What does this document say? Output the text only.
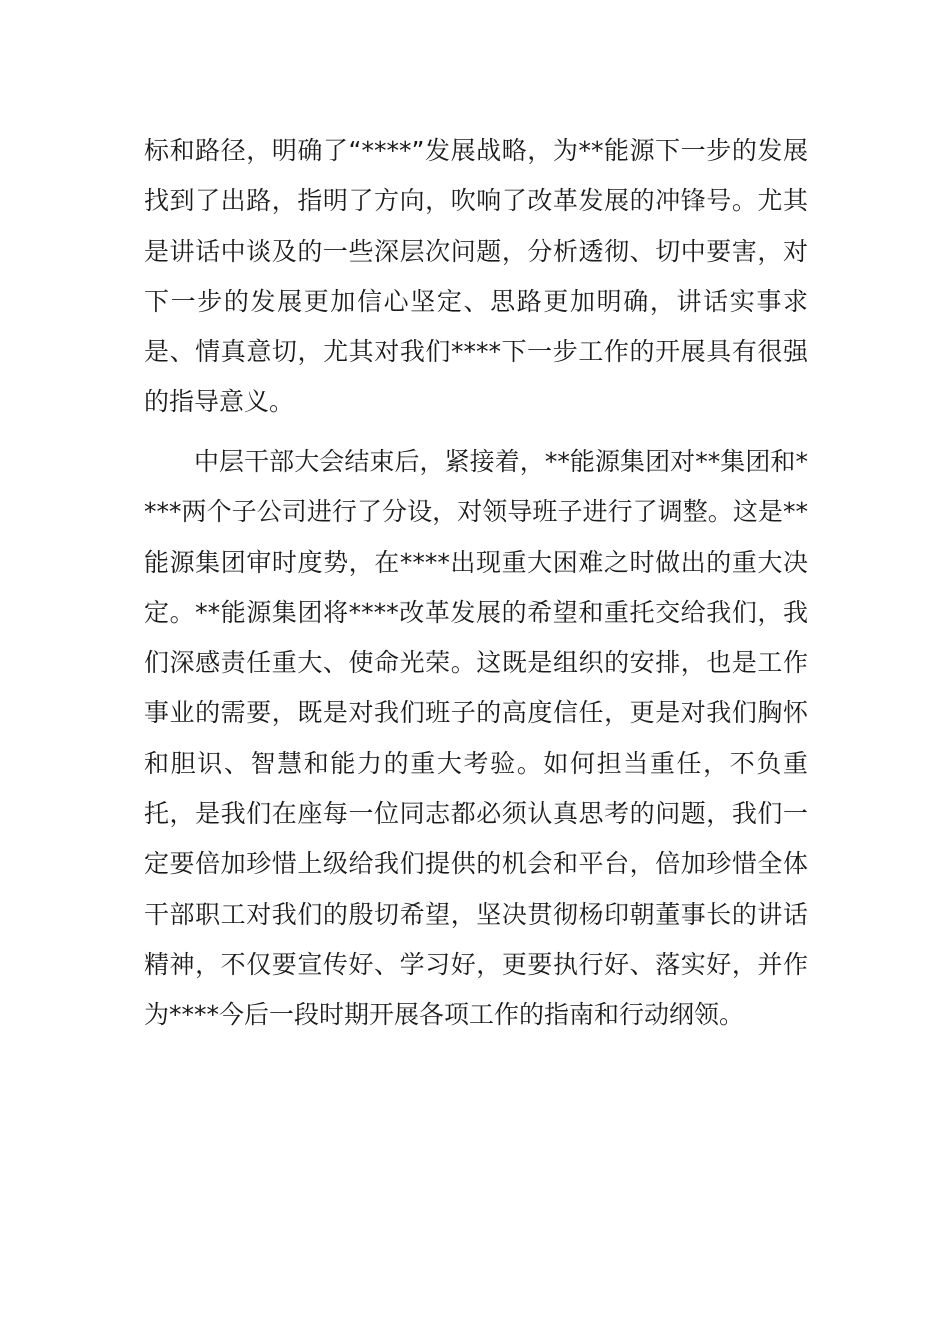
标和路径，明确了“****”发展战略，为**能源下一步的发展找到了出路，指明了方向，吹响了改革发展的冲锋号。尤其是讲话中谈及的一些深层次问题，分析透彻、切中要害，对下一步的发展更加信心坚定、思路更加明确，讲话实事求是、情真意切，尤其对我们****下一步工作的开展具有很强的指导意义。

中层干部大会结束后，紧接着，**能源集团对**集团和****两个子公司进行了分设，对领导班子进行了调整。这是**能源集团审时度势，在****出现重大困难之时做出的重大决定。**能源集团将****改革发展的希望和重托交给我们，我们深感责任重大、使命光荣。这既是组织的安排，也是工作事业的需要，既是对我们班子的高度信任，更是对我们胸怀和胆识、智慧和能力的重大考验。如何担当重任，不负重托，是我们在座每一位同志都必须认真思考的问题，我们一定要倍加珍惜上级给我们提供的机会和平台，倍加珍惜全体干部职工对我们的殷切希望，坚决贯彻杨印朝董事长的讲话精神，不仅要宣传好、学习好，更要执行好、落实好，并作为****今后一段时期开展各项工作的指南和行动纲领。
